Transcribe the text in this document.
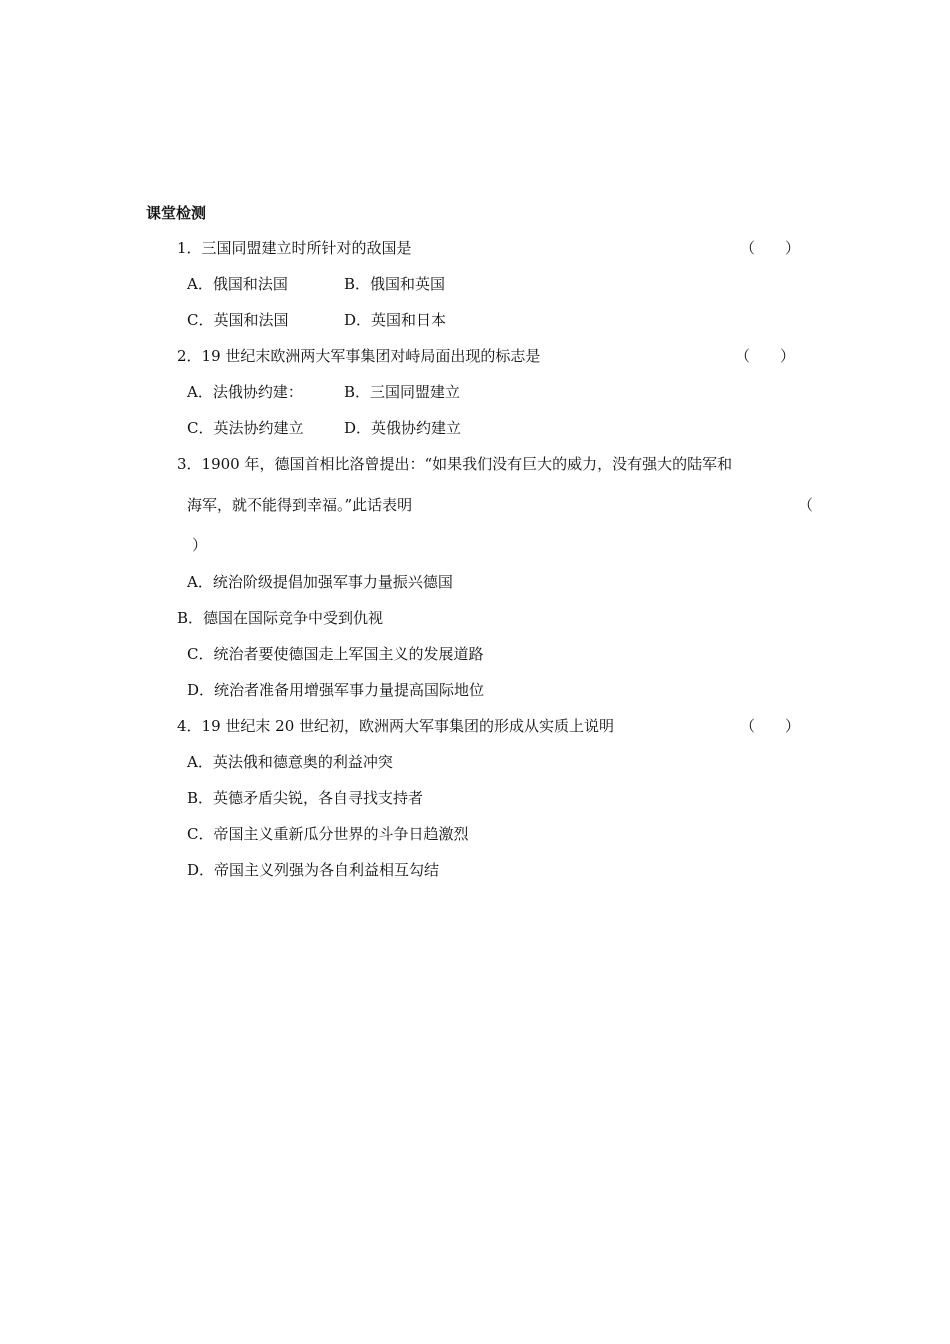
课堂检测
1．三国同盟建立时所针对的敌国是	（　　）
A．俄国和法国	B．俄国和英国
C．英国和法国	D．英国和日本
2．19 世纪末欧洲两大军事集团对峙局面出现的标志是	（　　）
A．法俄协约建：	B．三国同盟建立
C．英法协约建立	D．英俄协约建立
3．1900 年，德国首相比洛曾提出：“如果我们没有巨大的威力，没有强大的陆军和
海军，就不能得到幸福。”此话表明	（
）
A．统治阶级提倡加强军事力量振兴德国
B．德国在国际竞争中受到仇视
C．统治者要使德国走上军国主义的发展道路
D．统治者准备用增强军事力量提高国际地位
4．19 世纪末 20 世纪初，欧洲两大军事集团的形成从实质上说明	（　　）
A．英法俄和德意奥的利益冲突
B．英德矛盾尖锐，各自寻找支持者
C．帝国主义重新瓜分世界的斗争日趋激烈
D．帝国主义列强为各自利益相互勾结
